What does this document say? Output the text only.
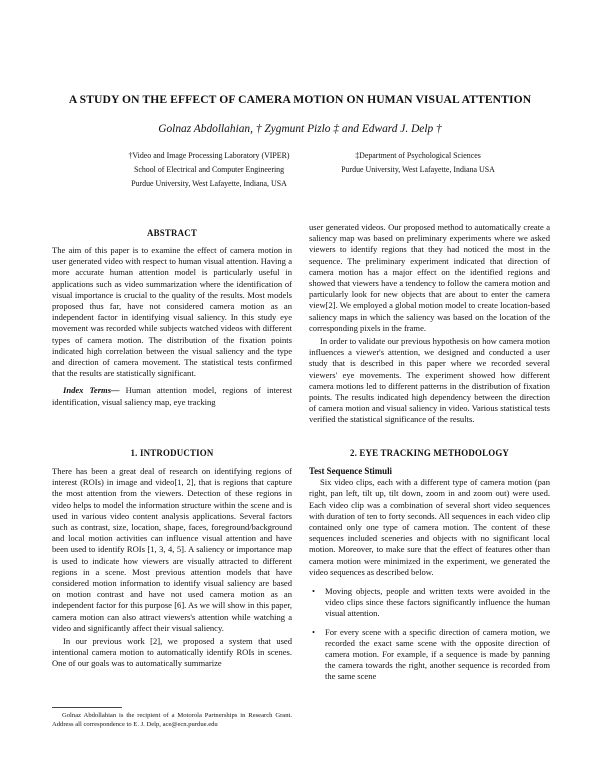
A STUDY ON THE EFFECT OF CAMERA MOTION ON HUMAN VISUAL ATTENTION
Golnaz Abdollahian, † Zygmunt Pizlo ‡ and Edward J. Delp †
†Video and Image Processing Laboratory (VIPER)
School of Electrical and Computer Engineering
Purdue University, West Lafayette, Indiana, USA
‡Department of Psychological Sciences
Purdue University, West Lafayette, Indiana USA
ABSTRACT

The aim of this paper is to examine the effect of camera motion in user generated video with respect to human visual attention. Having a more accurate human attention model is particularly useful in applications such as video summarization where the identification of visual importance is crucial to the quality of the results. Most models proposed thus far, have not considered camera motion as an independent factor in identifying visual saliency. In this study eye movement was recorded while subjects watched videos with different types of camera motion. The distribution of the fixation points indicated high correlation between the visual saliency and the type and direction of camera movement. The statistical tests confirmed that the results are statistically significant.

Index Terms— Human attention model, regions of interest identification, visual saliency map, eye tracking

1. INTRODUCTION

There has been a great deal of research on identifying regions of interest (ROIs) in image and video[1, 2], that is regions that capture the most attention from the viewers. Detection of these regions in video helps to model the information structure within the scene and is used in various video content analysis applications. Several factors such as contrast, size, location, shape, faces, foreground/background and local motion activities can influence visual attention and have been used to identify ROIs [1, 3, 4, 5]. A saliency or importance map is used to indicate how viewers are visually attracted to different regions in a scene. Most previous attention models that have considered motion information to identify visual saliency are based on motion contrast and have not used camera motion as an independent factor for this purpose [6]. As we will show in this paper, camera motion can also attract viewers's attention while watching a video and significantly affect their visual saliency.

In our previous work [2], we proposed a system that used intentional camera motion to automatically identify ROIs in scenes. One of our goals was to automatically summarize

Golnaz Abdollahian is the recipient of a Motorola Partnerships in Research Grant. Address all correspondence to E. J. Delp, ace@ecn.purdue.edu

user generated videos. Our proposed method to automatically create a saliency map was based on preliminary experiments where we asked viewers to identify regions that they had noticed the most in the sequence. The preliminary experiment indicated that direction of camera motion has a major effect on the identified regions and showed that viewers have a tendency to follow the camera motion and particularly look for new objects that are about to enter the camera view[2]. We employed a global motion model to create location-based saliency maps in which the saliency was based on the location of the corresponding pixels in the frame.

In order to validate our previous hypothesis on how camera motion influences a viewer's attention, we designed and conducted a user study that is described in this paper where we recorded several viewers' eye movements. The experiment showed how different camera motions led to different patterns in the distribution of fixation points. The results indicated high dependency between the direction of camera motion and visual saliency in video. Various statistical tests verified the statistical significance of the results.

2. EYE TRACKING METHODOLOGY
Test Sequence Stimuli

Six video clips, each with a different type of camera motion (pan right, pan left, tilt up, tilt down, zoom in and zoom out) were used. Each video clip was a combination of several short video sequences with duration of ten to forty seconds. All sequences in each video clip contained only one type of camera motion. The content of these sequences included sceneries and objects with no significant local motion. Moreover, to make sure that the effect of features other than camera motion were minimized in the experiment, we generated the video sequences as described below.

• Moving objects, people and written texts were avoided in the video clips since these factors significantly influence the human visual attention.
• For every scene with a specific direction of camera motion, we recorded the exact same scene with the opposite direction of camera motion. For example, if a sequence is made by panning the camera towards the right, another sequence is recorded from the same scene
